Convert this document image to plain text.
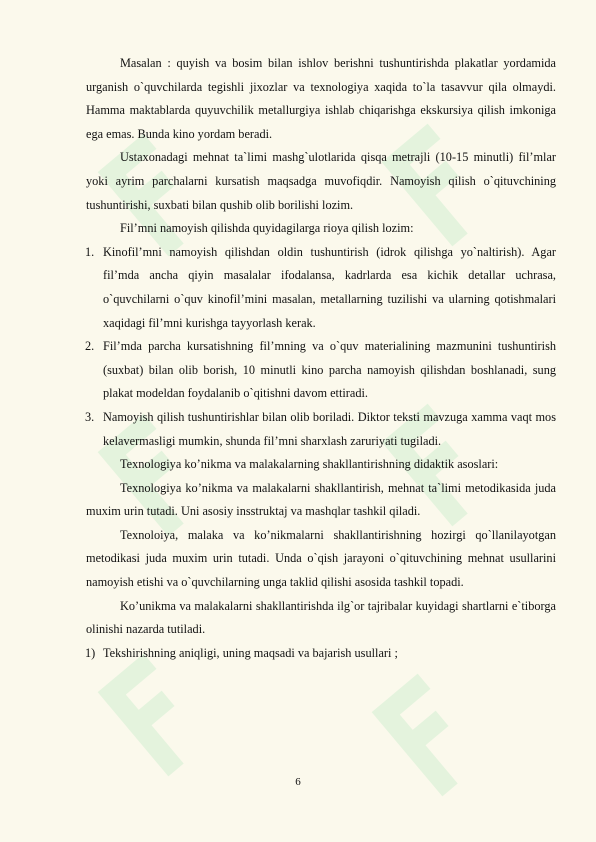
Masalan : quyish va bosim bilan ishlov berishni tushuntirishda plakatlar yordamida urganish o`quvchilarda tegishli jixozlar va texnologiya xaqida to`la tasavvur qila olmaydi. Hamma maktablarda quyuvchilik metallurgiya ishlab chiqarishga ekskursiya qilish imkoniga ega emas. Bunda kino yordam beradi.

Ustaxonadagi mehnat ta`limi mashg`ulotlarida qisqa metrajli (10-15 minutli) fil’mlar yoki ayrim parchalarni kursatish maqsadga muvofiqdir. Namoyish qilish o`qituvchining tushuntirishi, suxbati bilan qushib olib borilishi lozim.

Fil’mni namoyish qilishda quyidagilarga rioya qilish lozim:

1. Kinofil’mni namoyish qilishdan oldin tushuntirish (idrok qilishga yo`naltirish). Agar fil’mda ancha qiyin masalalar ifodalansa, kadrlarda esa kichik detallar uchrasa, o`quvchilarni o`quv kinofil’mini masalan, metallarning tuzilishi va ularning qotishmalari xaqidagi fil’mni kurishga tayyorlash kerak.
2. Fil’mda parcha kursatishning fil’mning va o`quv materialining mazmunini tushuntirish (suxbat) bilan olib borish, 10 minutli kino parcha namoyish qilishdan boshlanadi, sung plakat modeldan foydalanib o`qitishni davom ettiradi.
3. Namoyish qilish tushuntirishlar bilan olib boriladi. Diktor teksti mavzuga xamma vaqt mos kelavermasligi mumkin, shunda fil’mni sharxlash zaruriyati tugiladi.

Texnologiya ko’nikma va malakalarning shakllantirishning didaktik asoslari:

Texnologiya ko’nikma va malakalarni shakllantirish, mehnat ta`limi metodikasida juda muxim urin tutadi. Uni asosiy insstruktaj va mashqlar tashkil qiladi.

Texnoloiya, malaka va ko’nikmalarni shakllantirishning hozirgi qo`llanilayotgan metodikasi juda muxim urin tutadi. Unda o`qish jarayoni o`qituvchining mehnat usullarini namoyish etishi va o`quvchilarning unga taklid qilishi asosida tashkil topadi.

Ko’unikma va malakalarni shakllantirishda ilg`or tajribalar kuyidagi shartlarni e`tiborga olinishi nazarda tutiladi.

1) Tekshirishning aniqligi, uning maqsadi va bajarish usullari ;
6
